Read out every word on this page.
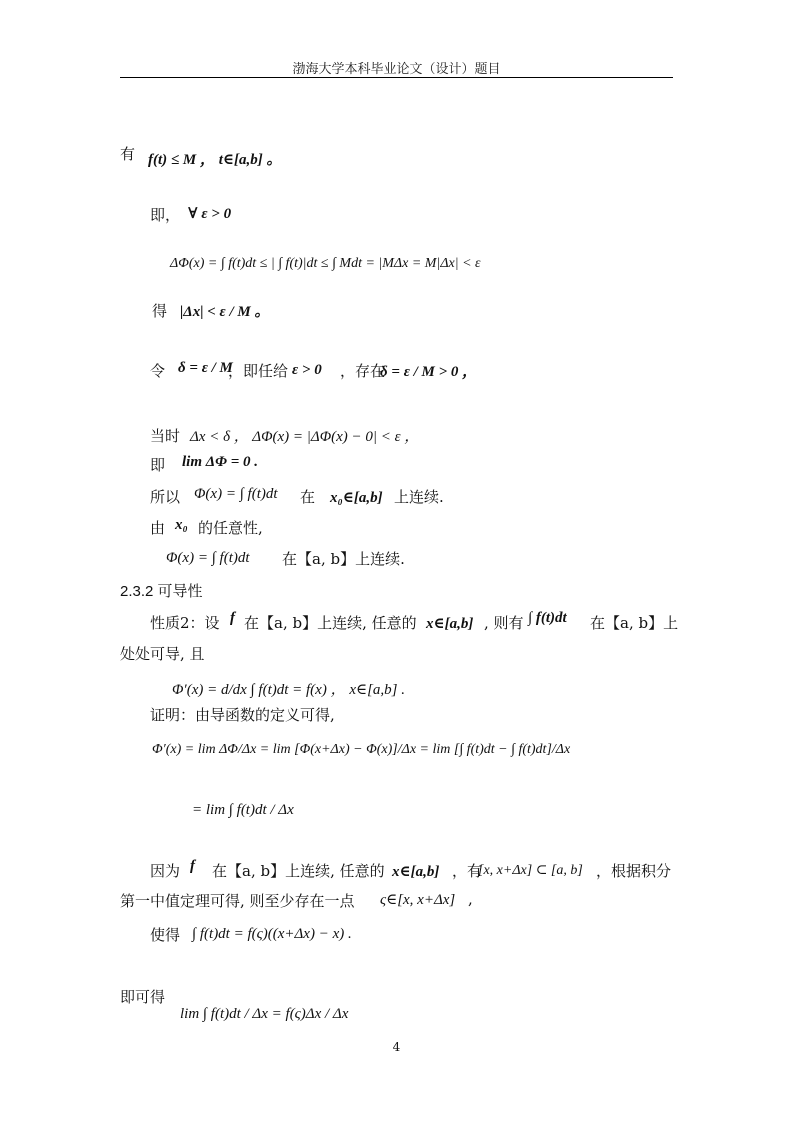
渤海大学本科毕业论文（设计）题目
有 f(t) ≤ M ， t∈[a,b] 。
即， ∀ ε > 0
ΔΦ(x) = ∫ f(t)dt ≤ | ∫ f(t)|dt ≤ ∫ Mdt = |MΔx = M|Δx| < ε
得 |Δx| < ε / M 。
令 δ = ε / M
，即任给 ε > 0 ，存在
δ = ε / M > 0 ，
当时 Δx < δ ， ΔΦ(x) = |ΔΦ(x) − 0| < ε ，
即 lim ΔΦ = 0 .
所以 Φ(x) = ∫ f(t)dt 在 x₀∈[a,b] 上连续.
由 x₀ 的任意性,
Φ(x) = ∫ f(t)dt 在【a, b】上连续.
2.3.2 可导性
性质2：设 f 在【a, b】上连续, 任意的 x∈[a,b] , 则有 ∫ f(t)dt 在【a, b】上
处处可导, 且
Φ′(x) = d/dx ∫ f(t)dt = f(x) ， x∈[a,b] .
证明：由导函数的定义可得,
Φ′(x) = lim ΔΦ/Δx = lim [Φ(x+Δx) − Φ(x)]/Δx = lim [∫ f(t)dt − ∫ f(t)dt]/Δx
= lim ∫ f(t)dt / Δx
因为 f 在【a, b】上连续, 任意的 x∈[a,b] ，有
[x, x+Δx] ⊂ [a, b] ，根据积分
第一中值定理可得, 则至少存在一点 ς∈[x, x+Δx] ,
使得 ∫ f(t)dt = f(ς)((x+Δx) − x) .
即可得
lim ∫ f(t)dt / Δx = f(ς)Δx / Δx
4
